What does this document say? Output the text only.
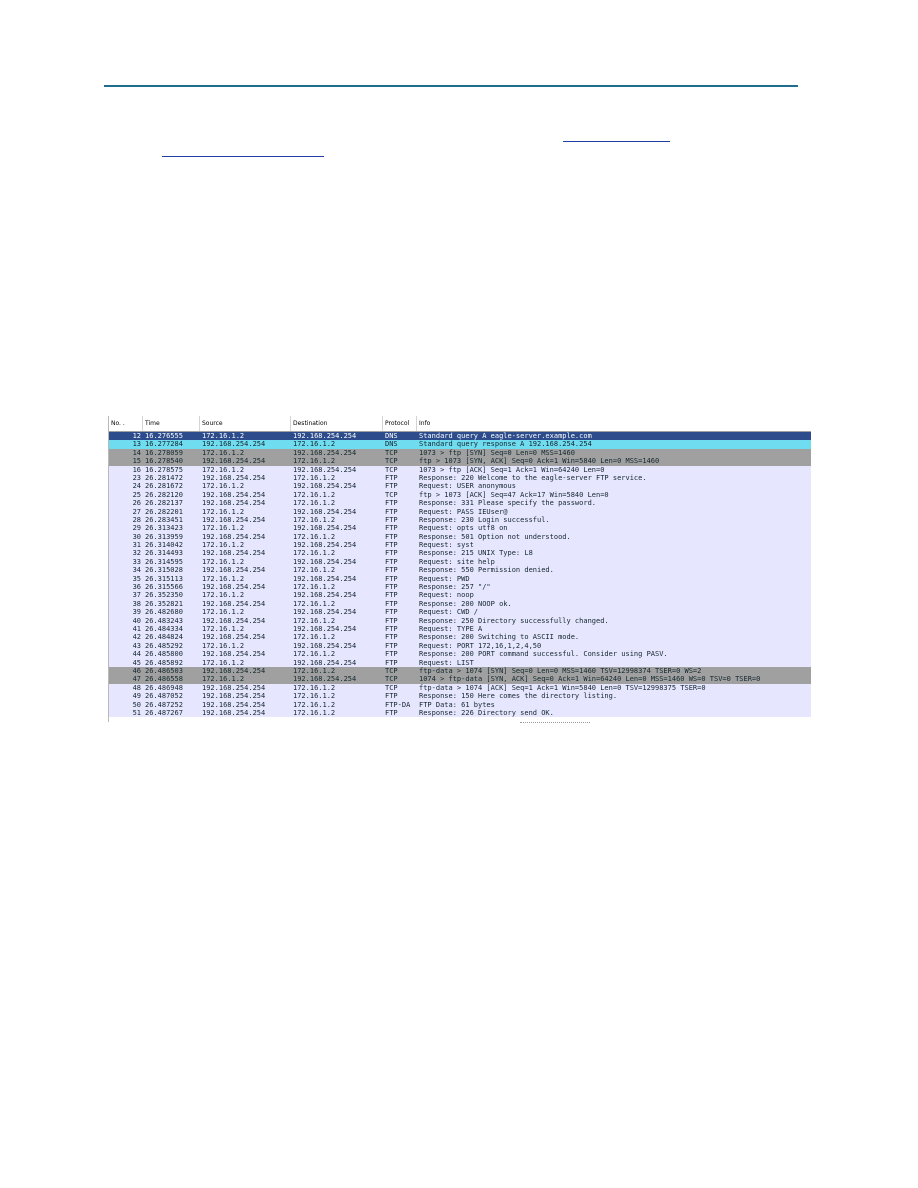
No. .	Time	Source	Destination	Protocol	Info
12 16.276555	172.16.1.2	192.168.254.254	DNS	Standard query A eagle-server.example.com
13 16.277284	192.168.254.254	172.16.1.2	DNS	Standard query response A 192.168.254.254
14 16.278059	172.16.1.2	192.168.254.254	TCP	1073 > ftp [SYN] Seq=0 Len=0 MSS=1460
15 16.278540	192.168.254.254	172.16.1.2	TCP	ftp > 1073 [SYN, ACK] Seq=0 Ack=1 Win=5840 Len=0 MSS=1460
16 16.278575	172.16.1.2	192.168.254.254	TCP	1073 > ftp [ACK] Seq=1 Ack=1 Win=64240 Len=0
23 26.281472	192.168.254.254	172.16.1.2	FTP	Response: 220 Welcome to the eagle-server FTP service.
24 26.281672	172.16.1.2	192.168.254.254	FTP	Request: USER anonymous
25 26.282120	192.168.254.254	172.16.1.2	TCP	ftp > 1073 [ACK] Seq=47 Ack=17 Win=5840 Len=0
26 26.282137	192.168.254.254	172.16.1.2	FTP	Response: 331 Please specify the password.
27 26.282201	172.16.1.2	192.168.254.254	FTP	Request: PASS IEUser@
28 26.283451	192.168.254.254	172.16.1.2	FTP	Response: 230 Login successful.
29 26.313423	172.16.1.2	192.168.254.254	FTP	Request: opts utf8 on
30 26.313959	192.168.254.254	172.16.1.2	FTP	Response: 501 Option not understood.
31 26.314042	172.16.1.2	192.168.254.254	FTP	Request: syst
32 26.314493	192.168.254.254	172.16.1.2	FTP	Response: 215 UNIX Type: L8
33 26.314595	172.16.1.2	192.168.254.254	FTP	Request: site help
34 26.315028	192.168.254.254	172.16.1.2	FTP	Response: 550 Permission denied.
35 26.315113	172.16.1.2	192.168.254.254	FTP	Request: PWD
36 26.315566	192.168.254.254	172.16.1.2	FTP	Response: 257 "/"
37 26.352350	172.16.1.2	192.168.254.254	FTP	Request: noop
38 26.352821	192.168.254.254	172.16.1.2	FTP	Response: 200 NOOP ok.
39 26.482680	172.16.1.2	192.168.254.254	FTP	Request: CWD /
40 26.483243	192.168.254.254	172.16.1.2	FTP	Response: 250 Directory successfully changed.
41 26.484334	172.16.1.2	192.168.254.254	FTP	Request: TYPE A
42 26.484824	192.168.254.254	172.16.1.2	FTP	Response: 200 Switching to ASCII mode.
43 26.485292	172.16.1.2	192.168.254.254	FTP	Request: PORT 172,16,1,2,4,50
44 26.485800	192.168.254.254	172.16.1.2	FTP	Response: 200 PORT command successful. Consider using PASV.
45 26.485892	172.16.1.2	192.168.254.254	FTP	Request: LIST
46 26.486503	192.168.254.254	172.16.1.2	TCP	ftp-data > 1074 [SYN] Seq=0 Len=0 MSS=1460 TSV=12998374 TSER=0 WS=2
47 26.486558	172.16.1.2	192.168.254.254	TCP	1074 > ftp-data [SYN, ACK] Seq=0 Ack=1 Win=64240 Len=0 MSS=1460 WS=0 TSV=0 TSER=0
48 26.486948	192.168.254.254	172.16.1.2	TCP	ftp-data > 1074 [ACK] Seq=1 Ack=1 Win=5840 Len=0 TSV=12998375 TSER=0
49 26.487052	192.168.254.254	172.16.1.2	FTP	Response: 150 Here comes the directory listing.
50 26.487252	192.168.254.254	172.16.1.2	FTP-DA	FTP Data: 61 bytes
51 26.487267	192.168.254.254	172.16.1.2	FTP	Response: 226 Directory send OK.
